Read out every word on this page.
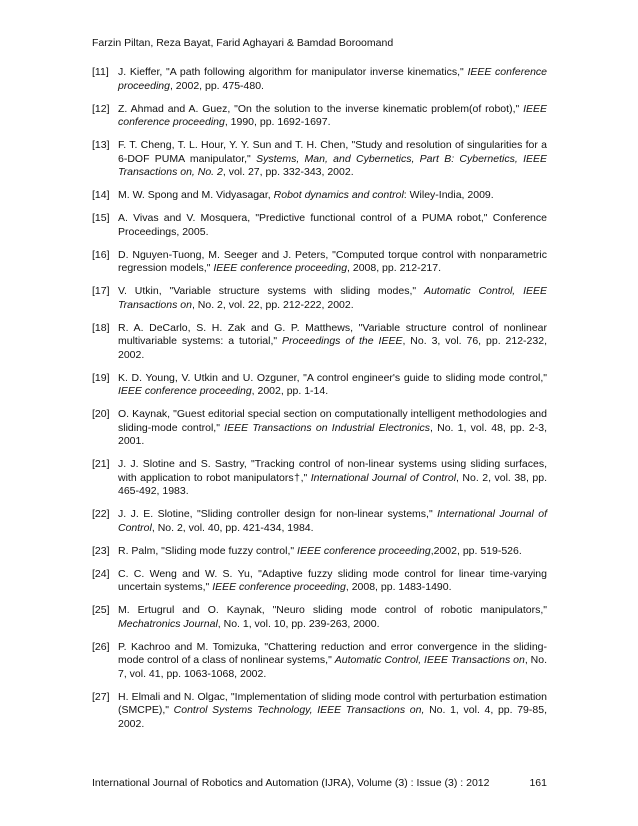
Farzin Piltan, Reza Bayat, Farid Aghayari & Bamdad Boroomand
[11] J. Kieffer, "A path following algorithm for manipulator inverse kinematics," IEEE conference proceeding, 2002, pp. 475-480.
[12] Z. Ahmad and A. Guez, "On the solution to the inverse kinematic problem(of robot)," IEEE conference proceeding, 1990, pp. 1692-1697.
[13] F. T. Cheng, T. L. Hour, Y. Y. Sun and T. H. Chen, "Study and resolution of singularities for a 6-DOF PUMA manipulator," Systems, Man, and Cybernetics, Part B: Cybernetics, IEEE Transactions on, No. 2, vol. 27, pp. 332-343, 2002.
[14] M. W. Spong and M. Vidyasagar, Robot dynamics and control: Wiley-India, 2009.
[15] A. Vivas and V. Mosquera, "Predictive functional control of a PUMA robot," Conference Proceedings, 2005.
[16] D. Nguyen-Tuong, M. Seeger and J. Peters, "Computed torque control with nonparametric regression models," IEEE conference proceeding, 2008, pp. 212-217.
[17] V. Utkin, "Variable structure systems with sliding modes," Automatic Control, IEEE Transactions on, No. 2, vol. 22, pp. 212-222, 2002.
[18] R. A. DeCarlo, S. H. Zak and G. P. Matthews, "Variable structure control of nonlinear multivariable systems: a tutorial," Proceedings of the IEEE, No. 3, vol. 76, pp. 212-232, 2002.
[19] K. D. Young, V. Utkin and U. Ozguner, "A control engineer's guide to sliding mode control," IEEE conference proceeding, 2002, pp. 1-14.
[20] O. Kaynak, "Guest editorial special section on computationally intelligent methodologies and sliding-mode control," IEEE Transactions on Industrial Electronics, No. 1, vol. 48, pp. 2-3, 2001.
[21] J. J. Slotine and S. Sastry, "Tracking control of non-linear systems using sliding surfaces, with application to robot manipulators†," International Journal of Control, No. 2, vol. 38, pp. 465-492, 1983.
[22] J. J. E. Slotine, "Sliding controller design for non-linear systems," International Journal of Control, No. 2, vol. 40, pp. 421-434, 1984.
[23] R. Palm, "Sliding mode fuzzy control," IEEE conference proceeding,2002, pp. 519-526.
[24] C. C. Weng and W. S. Yu, "Adaptive fuzzy sliding mode control for linear time-varying uncertain systems," IEEE conference proceeding, 2008, pp. 1483-1490.
[25] M. Ertugrul and O. Kaynak, "Neuro sliding mode control of robotic manipulators," Mechatronics Journal, No. 1, vol. 10, pp. 239-263, 2000.
[26] P. Kachroo and M. Tomizuka, "Chattering reduction and error convergence in the sliding-mode control of a class of nonlinear systems," Automatic Control, IEEE Transactions on, No. 7, vol. 41, pp. 1063-1068, 2002.
[27] H. Elmali and N. Olgac, "Implementation of sliding mode control with perturbation estimation (SMCPE)," Control Systems Technology, IEEE Transactions on, No. 1, vol. 4, pp. 79-85, 2002.
International Journal of Robotics and Automation (IJRA), Volume (3) : Issue (3) : 2012	161
